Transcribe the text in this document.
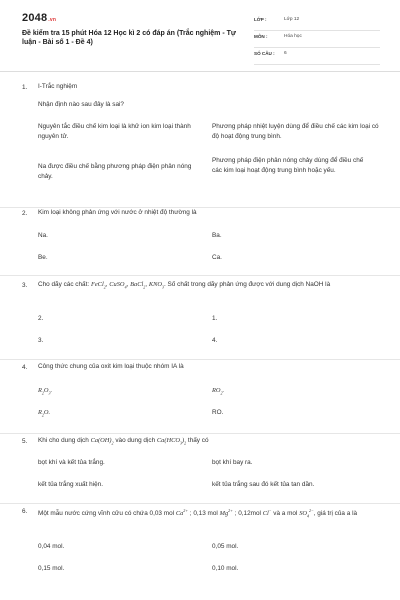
2048.vn
Đề kiểm tra 15 phút Hóa 12 Học kì 2 có đáp án (Trắc nghiệm - Tự luận - Bài số 1 - Đề 4)
LỚP :	Lớp 12
MÔN :	Hóa học
SỐ CÂU : 6
1. I-Trắc nghiệm
Nhận định nào sau đây là sai?
Nguyên tắc điều chế kim loại là khử ion kim loại thành nguyên tử.
Phương pháp nhiệt luyện dùng để điều chế các kim loại có độ hoạt động trung bình.
Na được điều chế bằng phương pháp điện phân nóng chảy.
Phương pháp điện phân nóng chảy dùng để điều chế các kim loại hoạt động trung bình hoặc yếu.
2. Kim loại không phản ứng với nước ở nhiệt độ thường là
Na.	Ba.
Be.	Ca.
3. Cho dãy các chất: FeCl$_2$, CuSO$_4$, BaCl$_2$, $KNO_3$. Số chất trong dãy phản ứng được với dung dịch NaOH là
2.	1.
3.	4.
4. Công thức chung của oxit kim loại thuộc nhóm IA là
$R_2O_3$.	$RO_2$.
$R_2O$.	RO.
5. Khi cho dung dịch $Ca(OH)_2$ vào dung dịch $Ca(HCO_3)_2$ thấy có
bọt khí và kết tủa trắng.	bọt khí bay ra.
kết tủa trắng xuất hiện.	kết tủa trắng sau đó kết tủa tan dần.
6. Một mẫu nước cứng vĩnh cửu có chứa 0,03 mol $Ca^{2+}$ ; 0,13 mol $Mg^{2+}$ ; 0,12mol Cl− và a mol $SO_4^{2-}$, giá trị của a là
0,04 mol.	0,05 mol.
0,15 mol.	0,10 mol.
